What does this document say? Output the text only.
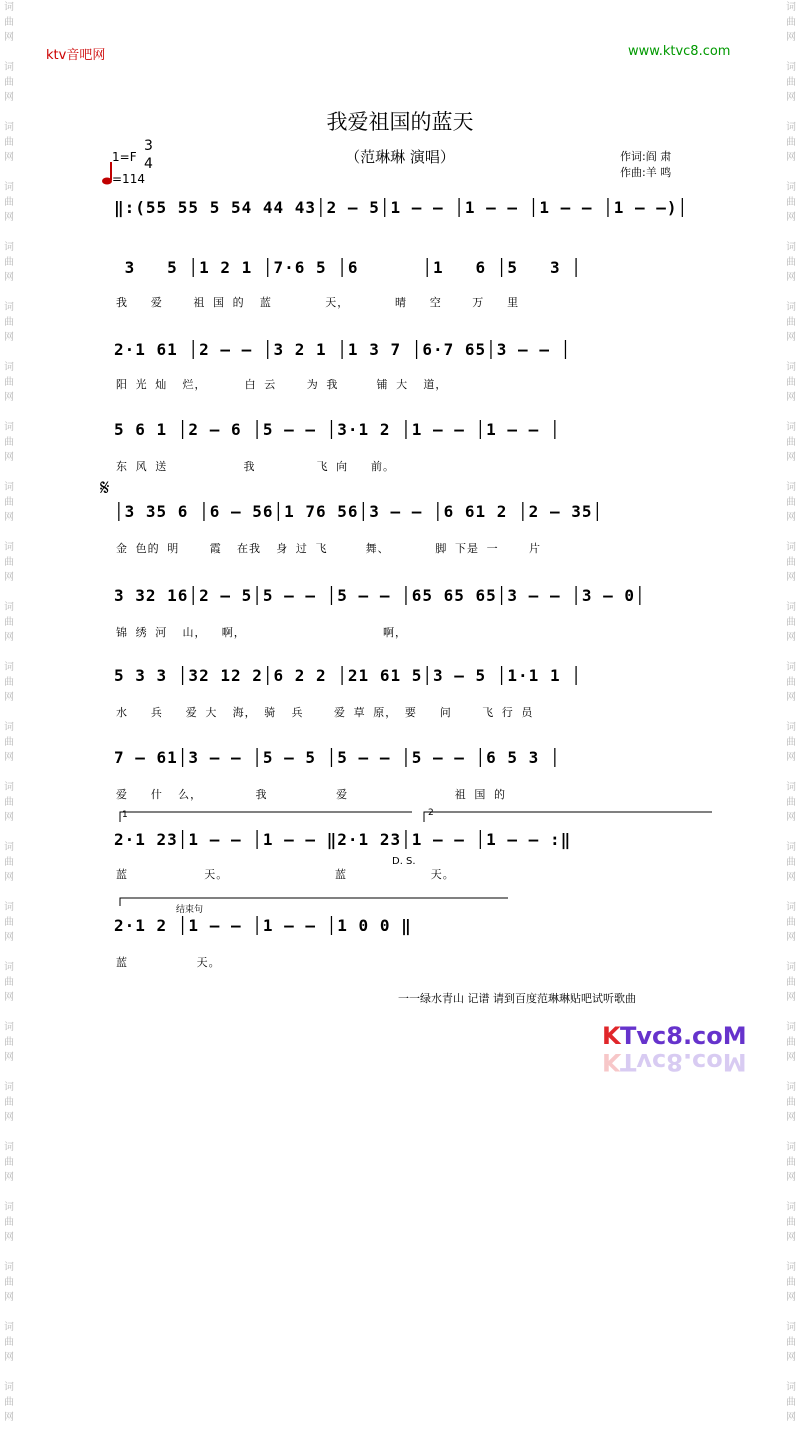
词
曲
网

词
曲
网

词
曲
网

词
曲
网

词
曲
网

词
曲
网

词
曲
网

词
曲
网

词
曲
网

词
曲
网

词
曲
网

词
曲
网

词
曲
网

词
曲
网

词
曲
网

词
曲
网

词
曲
网

词
曲
网

词
曲
网

词
曲
网

词
曲
网

词
曲
网

词
曲
网

词
曲
网

词
曲
网

词
曲
网

词
曲
网

词
曲
网

词
曲
网

词
曲
网

词
曲
网

词
曲
网

词
曲
网

词
曲
网

词
曲
网

词
曲
网

词
曲
网

词
曲
网

词
曲
网

词
曲
网

词
曲
网

词
曲
网

词
曲
网

词
曲
网

词
曲
网

词
曲
网

词
曲
网

词
曲
网

ktv音吧网	www.ktvc8.com
我爱祖国的蓝天
（范琳琳 演唱）	作词:阎 肃
作曲:羊 鸣
1=F
3
4
=114
‖:(55 55 5 54 44 43│2 – 5│1 – – │1 – – │1 – – │1 – –)│
3   5 │1 2 1 │7·6 5 │6      │1   6 │5   3 │
我   爱    祖 国 的  蓝       天，      晴   空    万   里
2·1 61 │2 – – │3 2 1 │1 3 7 │6·7 65│3 – – │
阳 光 灿  烂，     白 云    为 我     铺 大  道，
5 6 1 │2 – 6 │5 – – │3·1 2 │1 – – │1 – – │
东 风 送          我        飞 向   前。
𝄋
│3 35 6 │6 – 56│1 76 56│3 – – │6 61 2 │2 – 35│
金 色的 明    霞  在我  身 过 飞     舞、      脚 下是 一    片
3 32 16│2 – 5│5 – – │5 – – │65 65 65│3 – – │3 – 0│
锦 绣 河  山，  啊，                  啊，
5 3 3 │32 12 2│6 2 2 │21 61 5│3 – 5 │1·1 1 │
水   兵   爱 大  海， 骑  兵    爱 草 原， 要   问    飞 行 员
7 – 61│3 – – │5 – 5 │5 – – │5 – – │6 5 3 │
爱   什  么，       我         爱              祖 国 的
1	2
2·1 23│1 – – │1 – – ‖2·1 23│1 – – │1 – – :‖
D. S.
蓝          天。              蓝           天。
结束句
2·1 2 │1 – – │1 – – │1 0 0 ‖
蓝         天。
一一绿水青山 记谱 请到百度范琳琳贴吧试听歌曲
K Tvc8.coM
K Tvc8.coM
